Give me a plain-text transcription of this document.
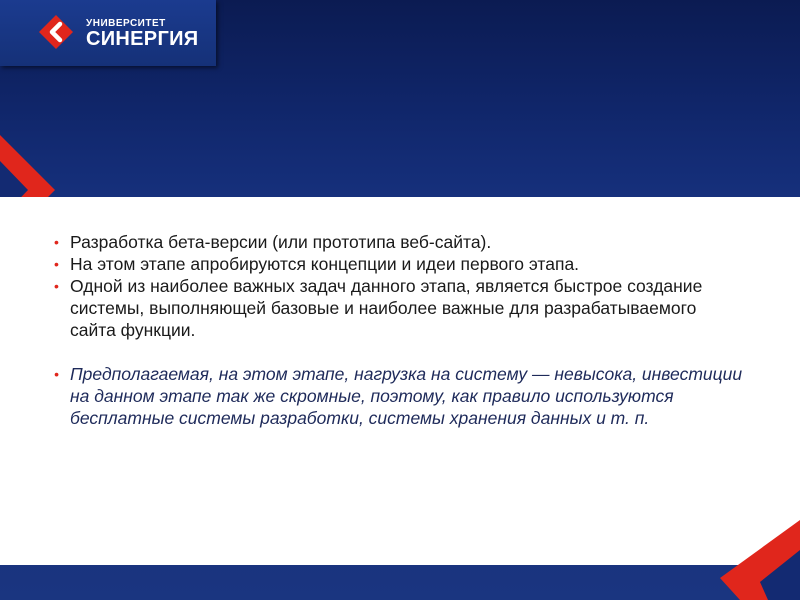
УНИВЕРСИТЕТ
СИНЕРГИЯ
• Разработка бета-версии (или прототипа веб-сайта).
• На этом этапе апробируются концепции и идеи первого этапа.
• Одной из наиболее важных задач данного этапа, является быстрое создание системы, выполняющей базовые и наиболее важные для разрабатываемого сайта функции.
• Предполагаемая, на этом этапе, нагрузка на систему — невысока, инвестиции на данном этапе так же скромные, поэтому, как правило используются бесплатные системы разработки, системы хранения данных и т. п.
